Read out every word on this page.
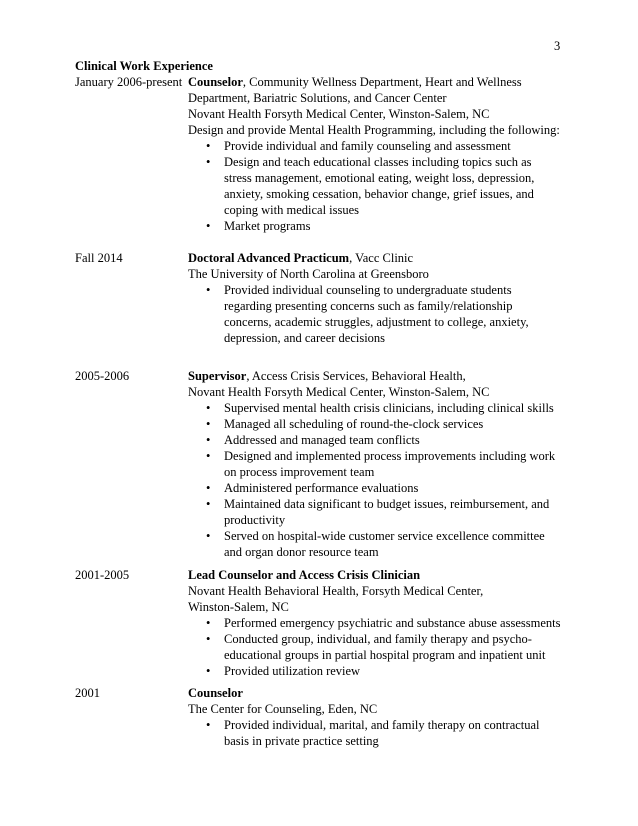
3
Clinical Work Experience
January 2006-present Counselor, Community Wellness Department, Heart and Wellness
Department, Bariatric Solutions, and Cancer Center
Novant Health Forsyth Medical Center, Winston-Salem, NC
Design and provide Mental Health Programming, including the following:
• Provide individual and family counseling and assessment
• Design and teach educational classes including topics such as
stress management, emotional eating, weight loss, depression,
anxiety, smoking cessation, behavior change, grief issues, and
coping with medical issues
• Market programs
Fall 2014	Doctoral Advanced Practicum, Vacc Clinic
The University of North Carolina at Greensboro
• Provided individual counseling to undergraduate students
regarding presenting concerns such as family/relationship
concerns, academic struggles, adjustment to college, anxiety,
depression, and career decisions
2005-2006	Supervisor, Access Crisis Services, Behavioral Health,
Novant Health Forsyth Medical Center, Winston-Salem, NC
• Supervised mental health crisis clinicians, including clinical skills
• Managed all scheduling of round-the-clock services
• Addressed and managed team conflicts
• Designed and implemented process improvements including work
on process improvement team
• Administered performance evaluations
• Maintained data significant to budget issues, reimbursement, and
productivity
• Served on hospital-wide customer service excellence committee
and organ donor resource team
2001-2005	Lead Counselor and Access Crisis Clinician
Novant Health Behavioral Health, Forsyth Medical Center,
Winston-Salem, NC
• Performed emergency psychiatric and substance abuse assessments
• Conducted group, individual, and family therapy and psycho-
educational groups in partial hospital program and inpatient unit
• Provided utilization review
2001	Counselor
The Center for Counseling, Eden, NC
• Provided individual, marital, and family therapy on contractual
basis in private practice setting
